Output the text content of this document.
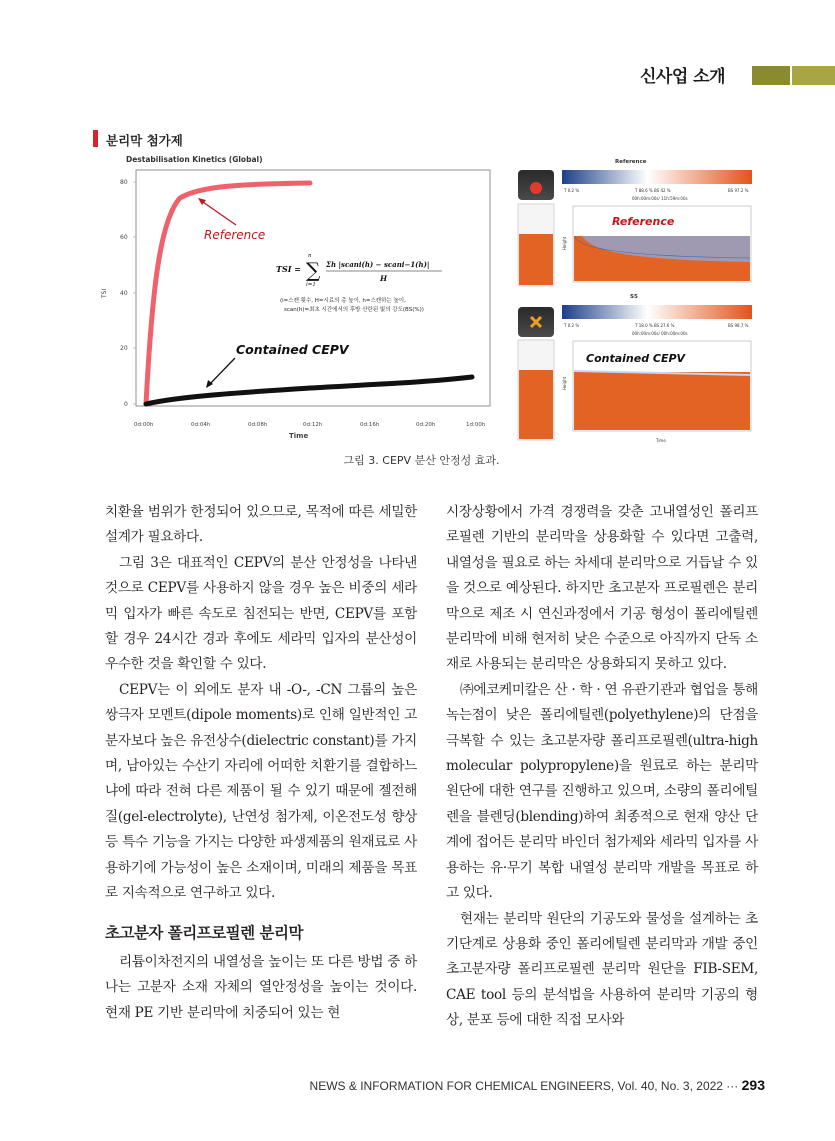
신사업 소개
분리막 첨가제
Destabilisation Kinetics (Global)
80
60
40
20
0
TSI
0d:00h	0d:04h	0d:08h	0d:12h	0d:16h	0d:20h	1d:00h
Time
Reference
Contained CEPV
TSI = ∑
n
i=1
Σh |scani(h) − scani−1(h)|
H
(i=스캔 횟수, H=시료의 총 높이, h=스캔하는 높이,
scan(h)=최초 시간에서의 후방 산란된 빛의 강도(BS(%))
Reference
T 0.2 %	T 88.6 % BS 42 %	BS 97.2 %
00h:00m:00s/ 11h:59m:00s
Height
Reference
S5
T 0.2 %	T 18.0 % BS 27.6 %	BS 98.7 %
00h:00m:00s/ 00h:00m:00s
Height
Time
Contained CEPV
그림 3. CEPV 분산 안정성 효과.

치환율 범위가 한정되어 있으므로, 목적에 따른 세밀한 설계가 필요하다.

그림 3은 대표적인 CEPV의 분산 안정성을 나타낸 것으로 CEPV를 사용하지 않을 경우 높은 비중의 세라믹 입자가 빠른 속도로 침전되는 반면, CEPV를 포함할 경우 24시간 경과 후에도 세라믹 입자의 분산성이 우수한 것을 확인할 수 있다.

CEPV는 이 외에도 분자 내 -O-, -CN 그룹의 높은 쌍극자 모멘트(dipole moments)로 인해 일반적인 고분자보다 높은 유전상수(dielectric constant)를 가지며, 남아있는 수산기 자리에 어떠한 치환기를 결합하느냐에 따라 전혀 다른 제품이 될 수 있기 때문에 젤전해질(gel-electrolyte), 난연성 첨가제, 이온전도성 향상 등 특수 기능을 가지는 다양한 파생제품의 원재료로 사용하기에 가능성이 높은 소재이며, 미래의 제품을 목표로 지속적으로 연구하고 있다.

초고분자 폴리프로필렌 분리막

리튬이차전지의 내열성을 높이는 또 다른 방법 중 하나는 고분자 소재 자체의 열안정성을 높이는 것이다. 현재 PE 기반 분리막에 치중되어 있는 현

시장상황에서 가격 경쟁력을 갖춘 고내열성인 폴리프로필렌 기반의 분리막을 상용화할 수 있다면 고출력, 내열성을 필요로 하는 차세대 분리막으로 거듭날 수 있을 것으로 예상된다. 하지만 초고분자 프로필렌은 분리막으로 제조 시 연신과정에서 기공 형성이 폴리에틸렌 분리막에 비해 현저히 낮은 수준으로 아직까지 단독 소재로 사용되는 분리막은 상용화되지 못하고 있다.

㈜에코케미칼은 산 · 학 · 연 유관기관과 협업을 통해 녹는점이 낮은 폴리에틸렌(polyethylene)의 단점을 극복할 수 있는 초고분자량 폴리프로필렌(ultra-high molecular polypropylene)을 원료로 하는 분리막 원단에 대한 연구를 진행하고 있으며, 소량의 폴리에틸렌을 블렌딩(blending)하여 최종적으로 현재 양산 단계에 접어든 분리막 바인더 첨가제와 세라믹 입자를 사용하는 유·무기 복합 내열성 분리막 개발을 목표로 하고 있다.

현재는 분리막 원단의 기공도와 물성을 설계하는 초기단계로 상용화 중인 폴리에틸렌 분리막과 개발 중인 초고분자량 폴리프로필렌 분리막 원단을 FIB-SEM, CAE tool 등의 분석법을 사용하여 분리막 기공의 형상, 분포 등에 대한 직접 모사와

NEWS & INFORMATION FOR CHEMICAL ENGINEERS, Vol. 40, No. 3, 2022 ··· 293
